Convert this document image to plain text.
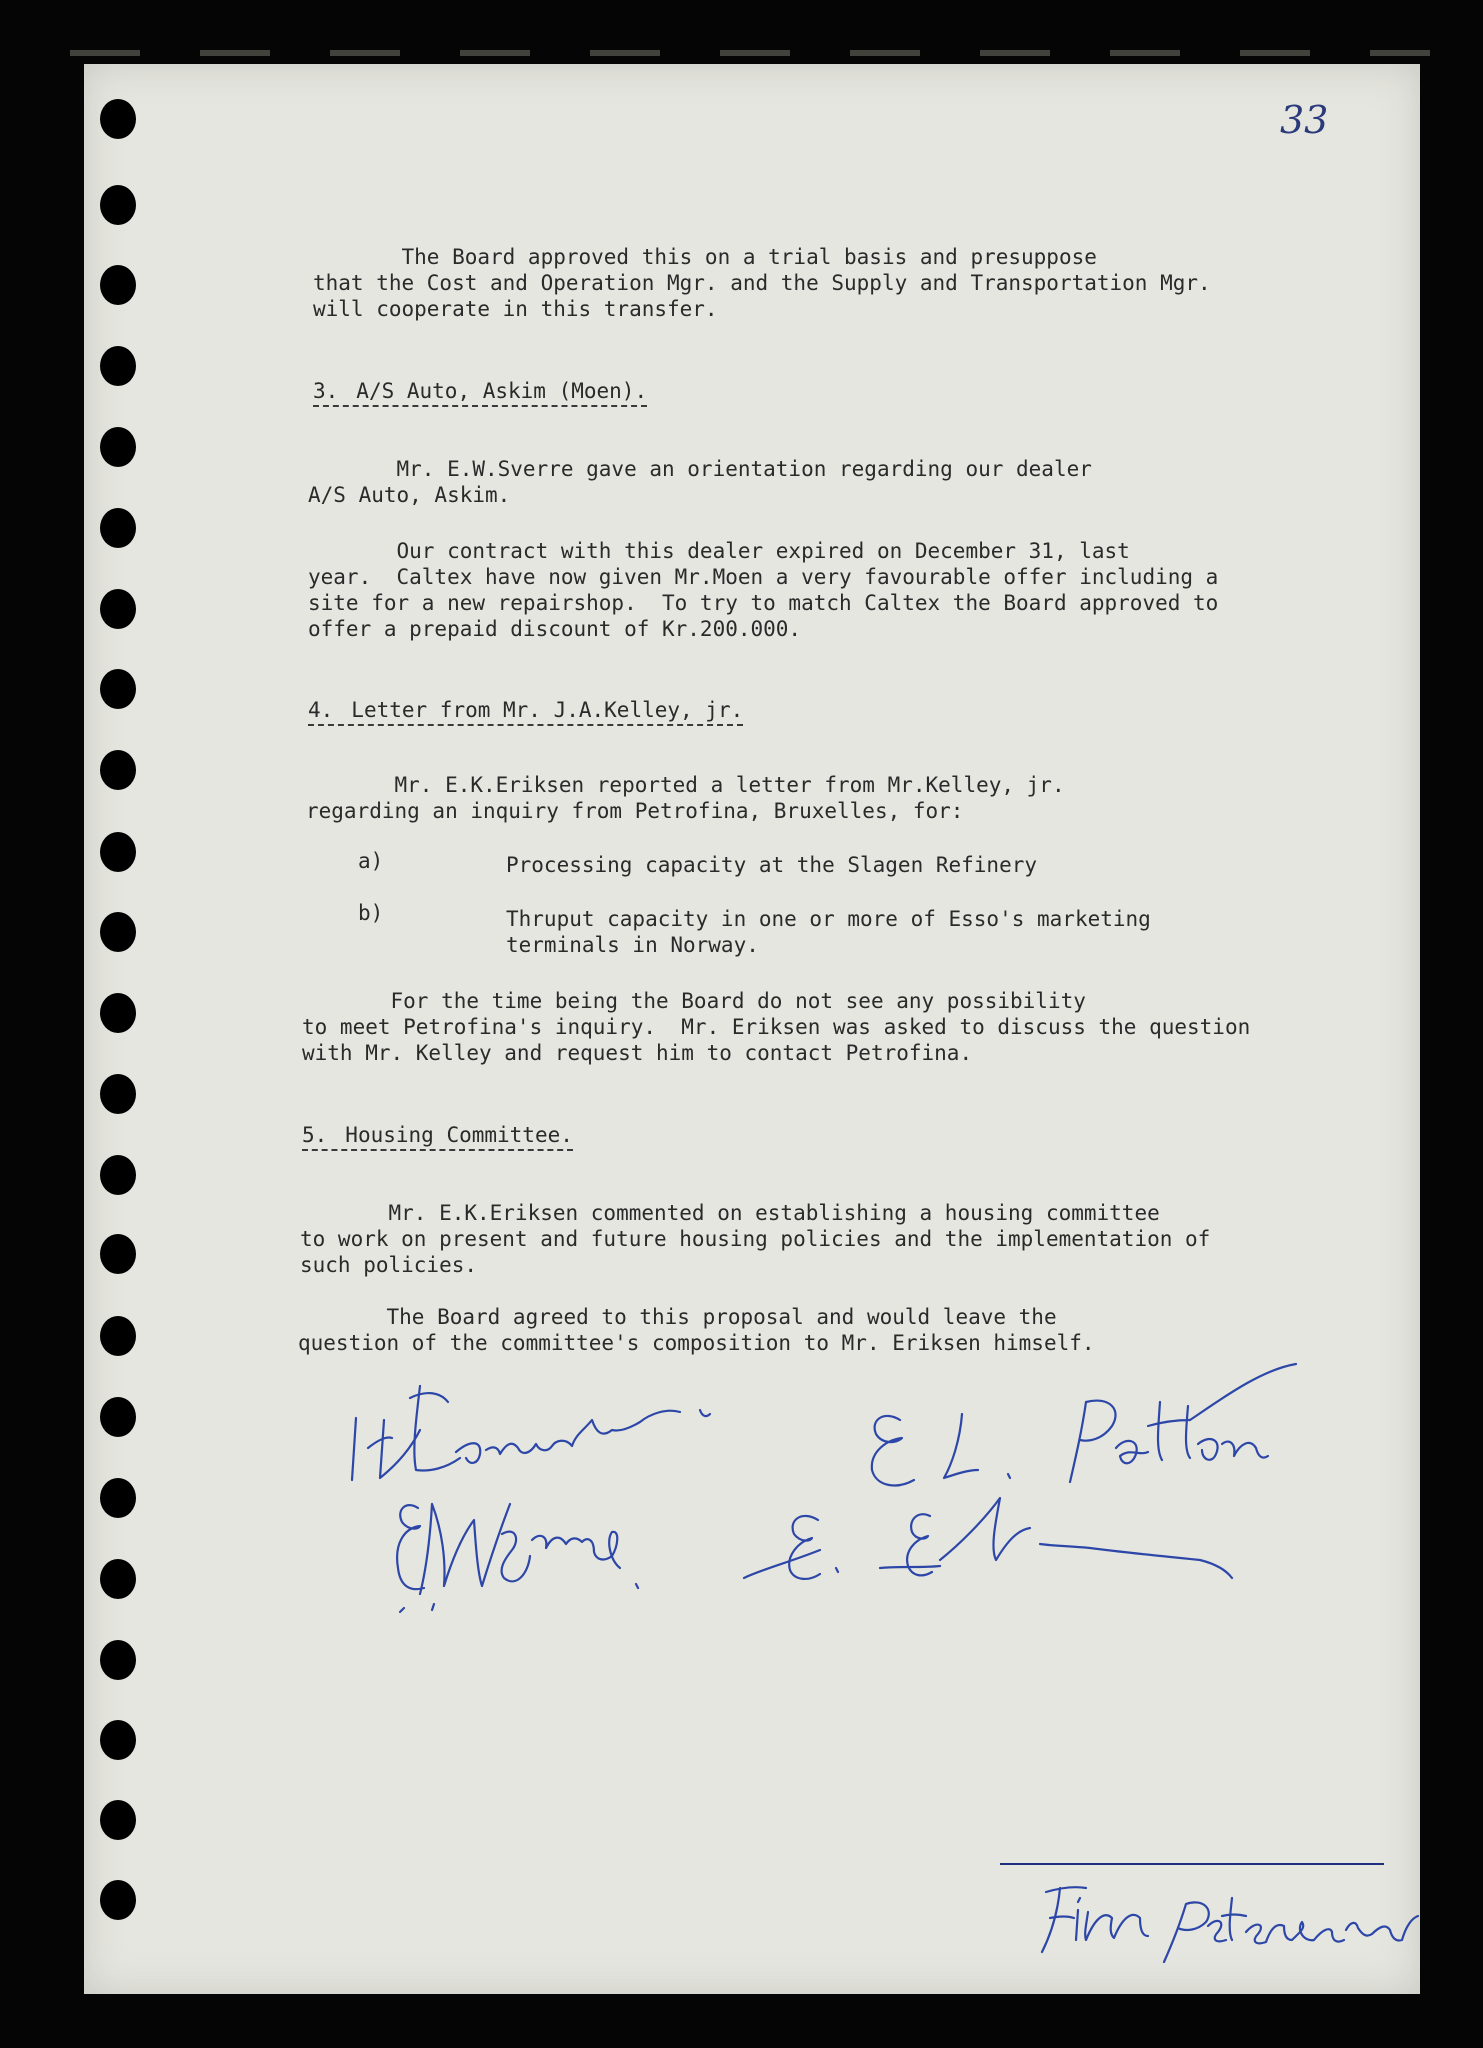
33
The Board approved this on a trial basis and presuppose
that the Cost and Operation Mgr. and the Supply and Transportation Mgr.
will cooperate in this transfer.
3. A/S Auto, Askim (Moen).
Mr. E.W.Sverre gave an orientation regarding our dealer
A/S Auto, Askim.
Our contract with this dealer expired on December 31, last
year.  Caltex have now given Mr.Moen a very favourable offer including a
site for a new repairshop.  To try to match Caltex the Board approved to
offer a prepaid discount of Kr.200.000.
4. Letter from Mr. J.A.Kelley, jr.
Mr. E.K.Eriksen reported a letter from Mr.Kelley, jr.
regarding an inquiry from Petrofina, Bruxelles, for:
a)	Processing capacity at the Slagen Refinery
b)	Thruput capacity in one or more of Esso's marketing
terminals in Norway.
For the time being the Board do not see any possibility
to meet Petrofina's inquiry.  Mr. Eriksen was asked to discuss the question
with Mr. Kelley and request him to contact Petrofina.
5. Housing Committee.
Mr. E.K.Eriksen commented on establishing a housing committee
to work on present and future housing policies and the implementation of
such policies.
The Board agreed to this proposal and would leave the
question of the committee's composition to Mr. Eriksen himself.
